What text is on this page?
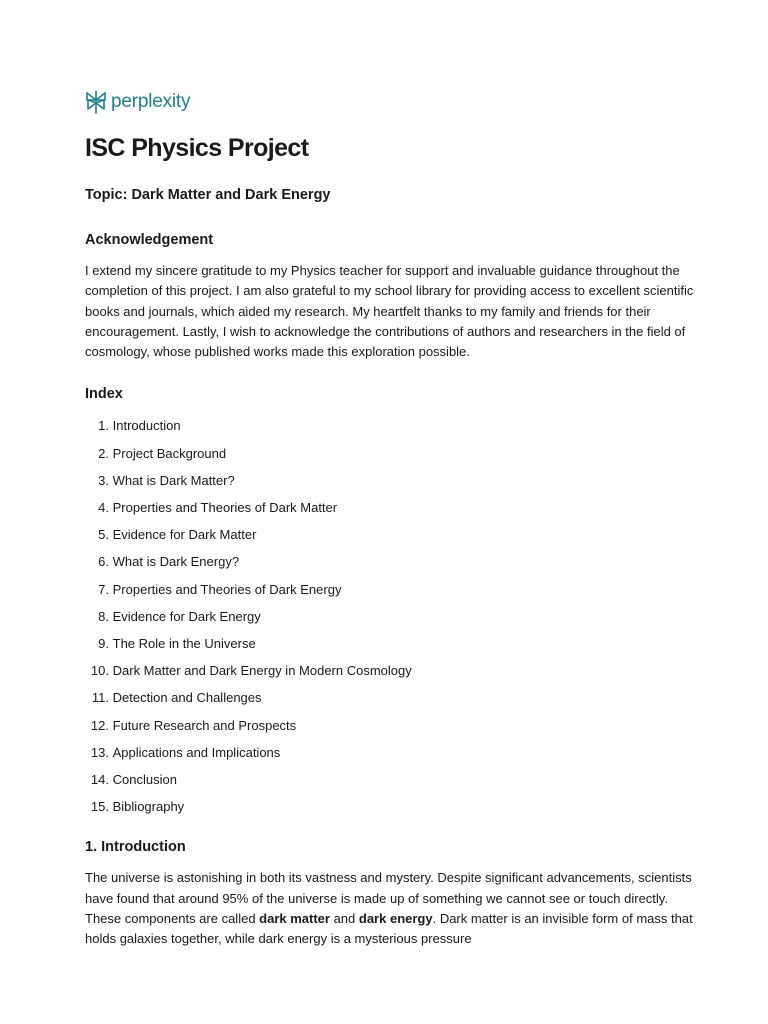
perplexity
ISC Physics Project
Topic: Dark Matter and Dark Energy
Acknowledgement

I extend my sincere gratitude to my Physics teacher for support and invaluable guidance throughout the completion of this project. I am also grateful to my school library for providing access to excellent scientific books and journals, which aided my research. My heartfelt thanks to my family and friends for their encouragement. Lastly, I wish to acknowledge the contributions of authors and researchers in the field of cosmology, whose published works made this exploration possible.

Index
1.
Introduction
2.
Project Background
3.
What is Dark Matter?
4.
Properties and Theories of Dark Matter
5.
Evidence for Dark Matter
6.
What is Dark Energy?
7.
Properties and Theories of Dark Energy
8.
Evidence for Dark Energy
9.
The Role in the Universe
10.
Dark Matter and Dark Energy in Modern Cosmology
11.
Detection and Challenges
12.
Future Research and Prospects
13.
Applications and Implications
14.
Conclusion
15.
Bibliography
1. Introduction

The universe is astonishing in both its vastness and mystery. Despite significant advancements, scientists have found that around 95% of the universe is made up of something we cannot see or touch directly. These components are called dark matter and dark energy. Dark matter is an invisible form of mass that holds galaxies together, while dark energy is a mysterious pressure
